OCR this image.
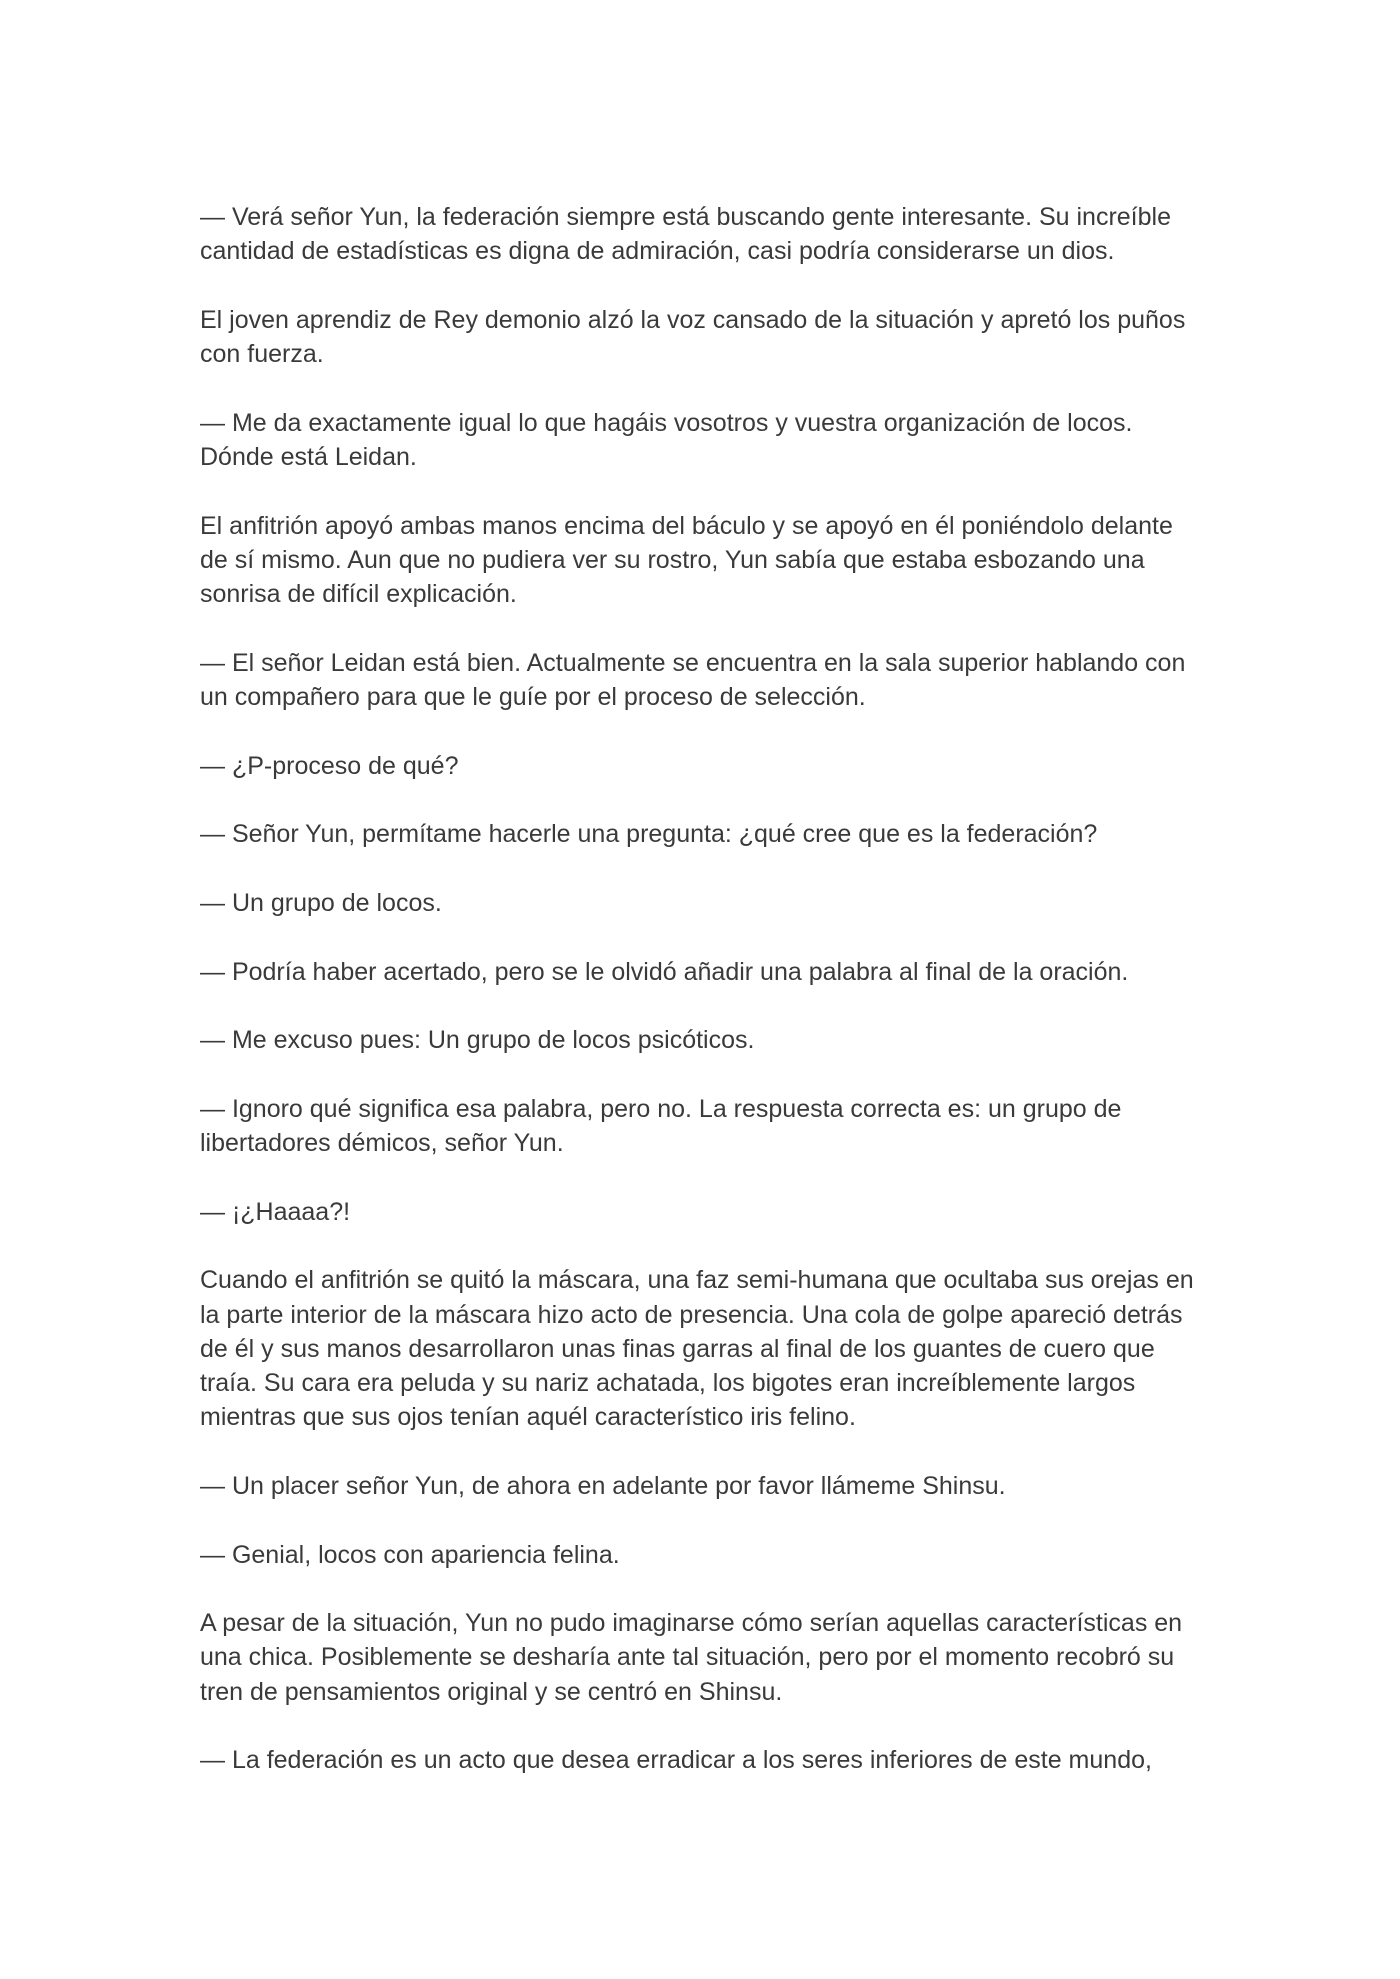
— Verá señor Yun, la federación siempre está buscando gente interesante. Su increíble cantidad de estadísticas es digna de admiración, casi podría considerarse un dios.

El joven aprendiz de Rey demonio alzó la voz cansado de la situación y apretó los puños con fuerza.

— Me da exactamente igual lo que hagáis vosotros y vuestra organización de locos. Dónde está Leidan.

El anfitrión apoyó ambas manos encima del báculo y se apoyó en él poniéndolo delante de sí mismo. Aun que no pudiera ver su rostro, Yun sabía que estaba esbozando una sonrisa de difícil explicación.

— El señor Leidan está bien. Actualmente se encuentra en la sala superior hablando con un compañero para que le guíe por el proceso de selección.

— ¿P-proceso de qué?

— Señor Yun, permítame hacerle una pregunta: ¿qué cree que es la federación?

— Un grupo de locos.

— Podría haber acertado, pero se le olvidó añadir una palabra al final de la oración.

— Me excuso pues: Un grupo de locos psicóticos.

— Ignoro qué significa esa palabra, pero no. La respuesta correcta es: un grupo de libertadores démicos, señor Yun.

— ¡¿Haaaa?!

Cuando el anfitrión se quitó la máscara, una faz semi-humana que ocultaba sus orejas en la parte interior de la máscara hizo acto de presencia. Una cola de golpe apareció detrás de él y sus manos desarrollaron unas finas garras al final de los guantes de cuero que traía. Su cara era peluda y su nariz achatada, los bigotes eran increíblemente largos mientras que sus ojos tenían aquél característico iris felino.

— Un placer señor Yun, de ahora en adelante por favor llámeme Shinsu.

— Genial, locos con apariencia felina.

A pesar de la situación, Yun no pudo imaginarse cómo serían aquellas características en una chica. Posiblemente se desharía ante tal situación, pero por el momento recobró su tren de pensamientos original y se centró en Shinsu.

— La federación es un acto que desea erradicar a los seres inferiores de este mundo,
